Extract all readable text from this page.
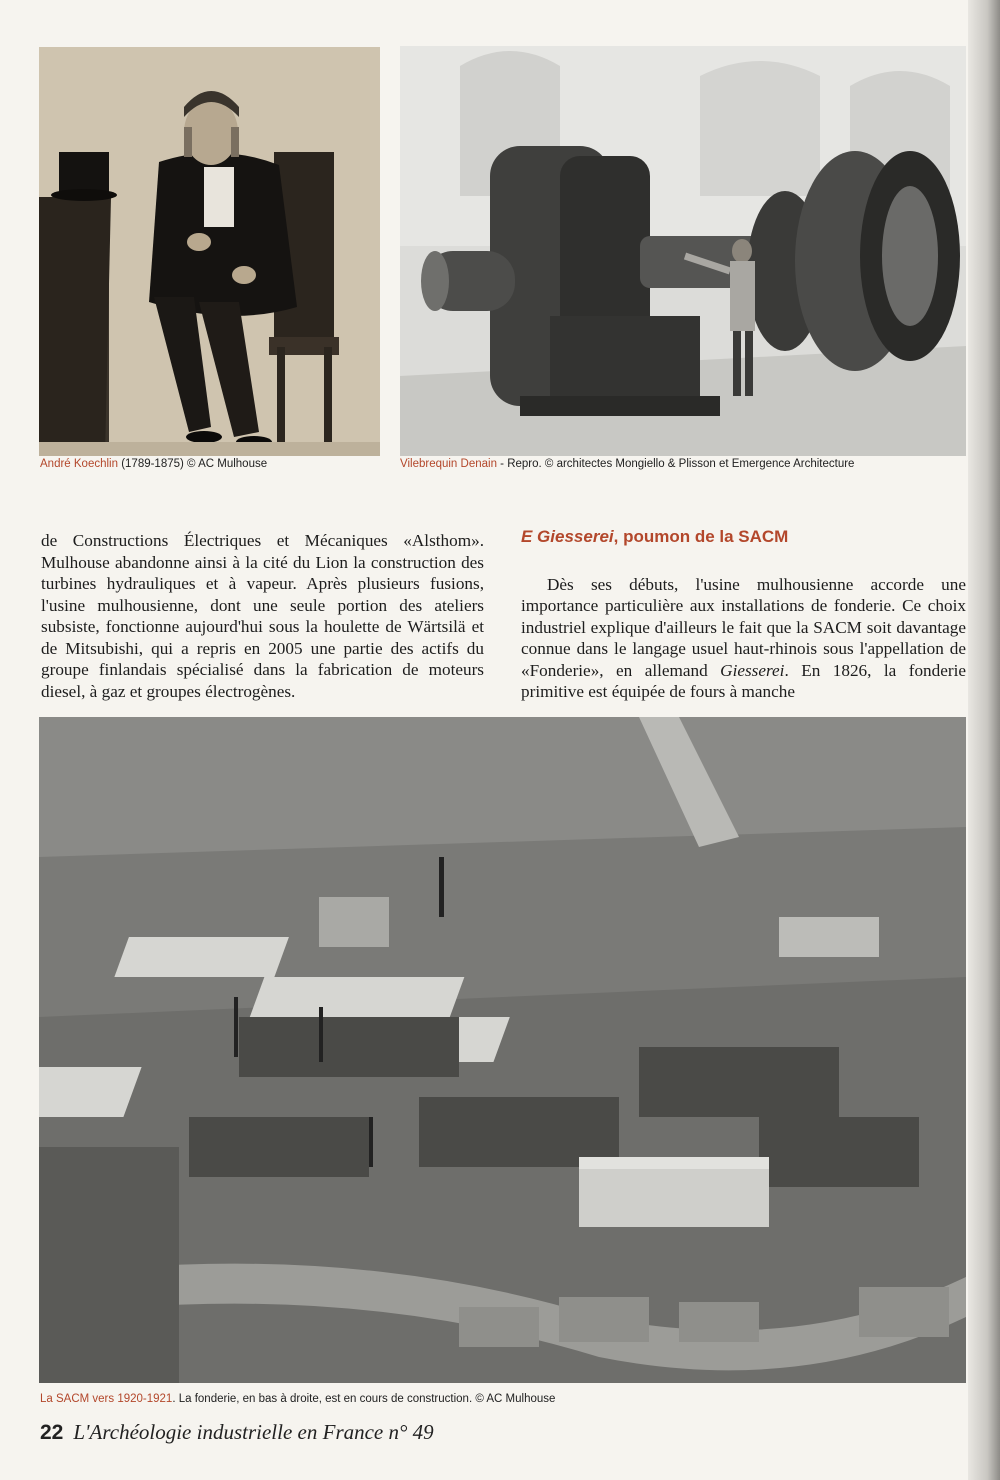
André Koechlin (1789-1875) © AC Mulhouse	Vilebrequin Denain - Repro. © architectes Mongiello & Plisson et Emergence Architecture

de Constructions Électriques et Mécaniques «Alsthom». Mulhouse abandonne ainsi à la cité du Lion la construction des turbines hydrauliques et à vapeur. Après plusieurs fusions, l'usine mulhousienne, dont une seule portion des ateliers subsiste, fonctionne aujourd'hui sous la houlette de Wärtsilä et de Mitsubishi, qui a repris en 2005 une partie des actifs du groupe finlandais spécialisé dans la fabrication de moteurs diesel, à gaz et groupes électrogènes.

E Giesserei, poumon de la SACM

Dès ses débuts, l'usine mulhousienne accorde une importance particulière aux installations de fonderie. Ce choix industriel explique d'ailleurs le fait que la SACM soit davantage connue dans le langage usuel haut-rhinois sous l'appellation de «Fonderie», en allemand Giesserei. En 1826, la fonderie primitive est équipée de fours à manche

La SACM vers 1920-1921. La fonderie, en bas à droite, est en cours de construction. © AC Mulhouse
22 L'Archéologie industrielle en France n° 49
